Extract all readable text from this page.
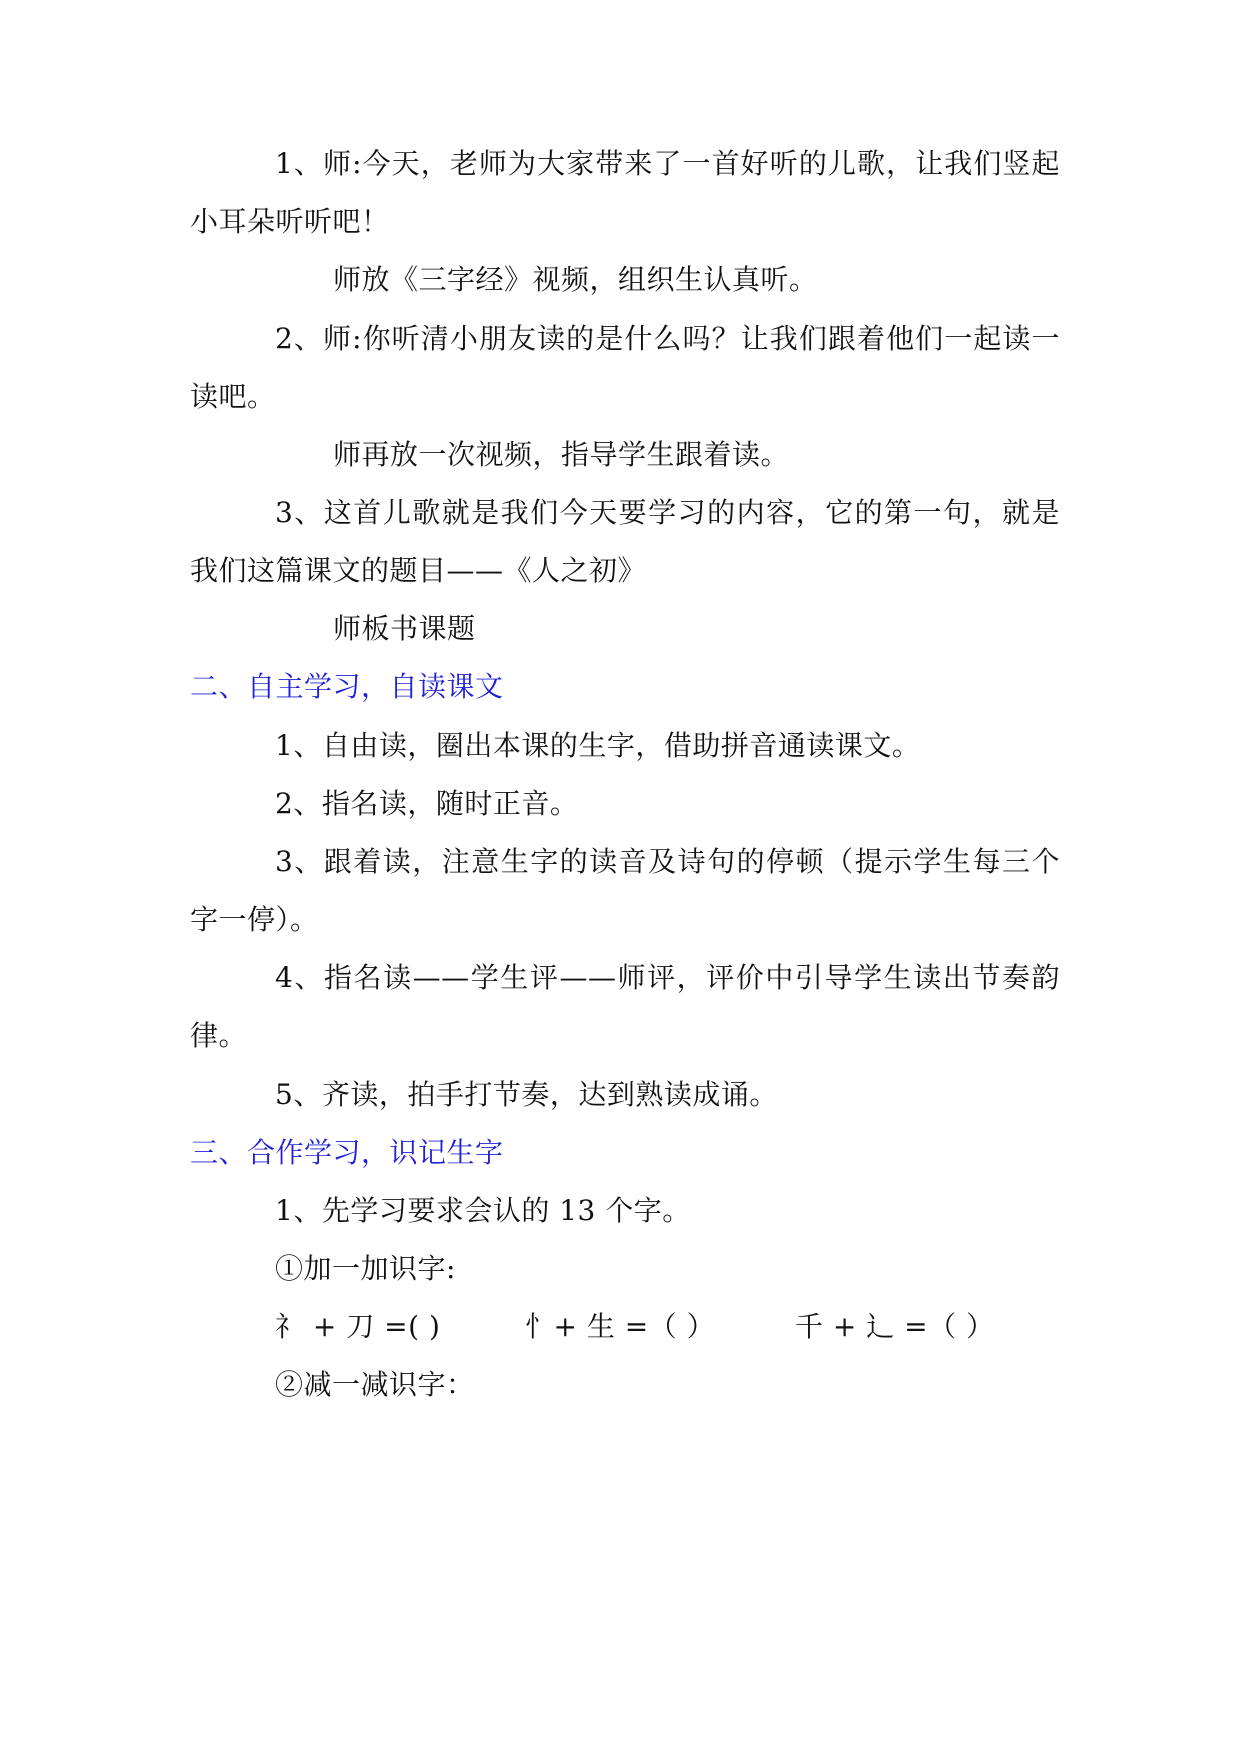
1、师:今天，老师为大家带来了一首好听的儿歌，让我们竖起
小耳朵听听吧！
师放《三字经》视频，组织生认真听。
2、师:你听清小朋友读的是什么吗？让我们跟着他们一起读一
读吧。
师再放一次视频，指导学生跟着读。
3、这首儿歌就是我们今天要学习的内容，它的第一句，就是
我们这篇课文的题目——《人之初》
师板书课题
二、自主学习，自读课文
1、自由读，圈出本课的生字，借助拼音通读课文。
2、指名读，随时正音。
3、跟着读，注意生字的读音及诗句的停顿（提示学生每三个
字一停）。
4、指名读——学生评——师评，评价中引导学生读出节奏韵
律。
5、齐读，拍手打节奏，达到熟读成诵。
三、合作学习，识记生字
1、先学习要求会认的 13 个字。
①加一加识字:
礻 + 刀 =( )	忄+ 生 =（ ）	千 + 辶 =（ ）
②减一减识字：
